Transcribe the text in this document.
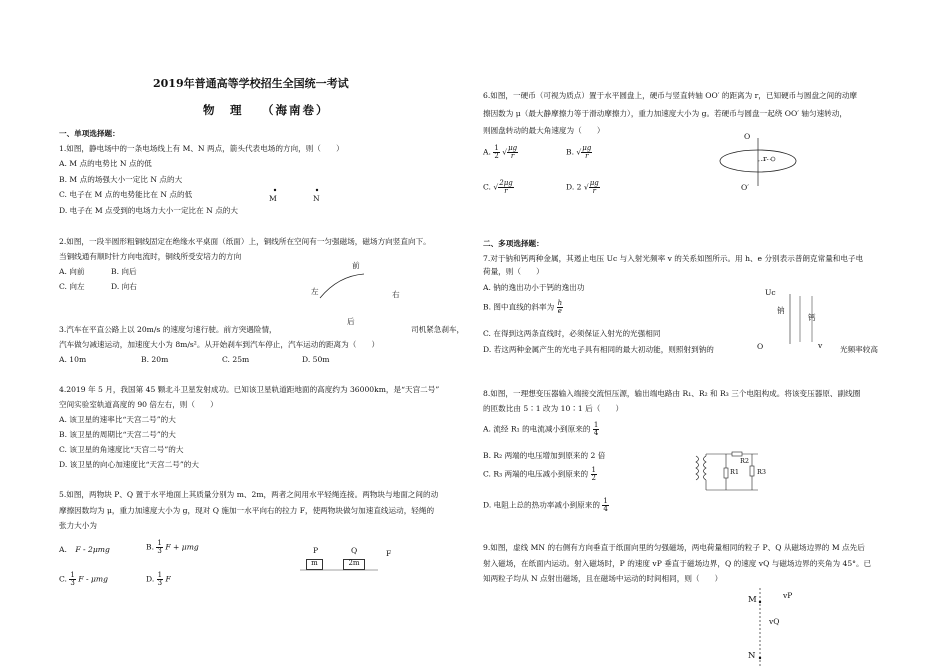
2019年普通高等学校招生全国统一考试
物　理 （海南卷）
一、单项选择题：
1.如图，静电场中的一条电场线上有 M、N 两点，箭头代表电场的方向，则（　　）
A. M 点的电势比 N 点的低
B. M 点的场强大小一定比 N 点的大
C. 电子在 M 点的电势能比在 N 点的低
D. 电子在 M 点受到的电场力大小一定比在 N 点的大
M	N
2.如图，一段半圆形粗铜线固定在绝缘水平桌面（纸面）上，铜线所在空间有一匀强磁场，磁场方向竖直向下。
当铜线通有顺时针方向电流时，铜线所受安培力的方向
A. 向前	B. 向后
C. 向左	D. 向右
前
左	右
后
3.汽车在平直公路上以 20m/s 的速度匀速行驶。前方突遇险情，	司机紧急刹车，
汽车做匀减速运动，加速度大小为 8m/s²。从开始刹车到汽车停止，汽车运动的距离为（　　）
A. 10m	B. 20m	C. 25m	D. 50m
4.2019 年 5 月，我国第 45 颗北斗卫星发射成功。已知该卫星轨道距地面的高度约为 36000km，是“天宫二号”
空间实验室轨道高度的 90 倍左右，则（　　）
A. 该卫星的速率比“天宫二号”的大
B. 该卫星的周期比“天宫二号”的大
C. 该卫星的角速度比“天宫二号”的大
D. 该卫星的向心加速度比“天宫二号”的大
5.如图，两物块 P、Q 置于水平地面上其质量分别为 m、2m，两者之间用水平轻绳连接。两物块与地面之间的动
摩擦因数均为 μ，重力加速度大小为 g，现对 Q 施加一水平向右的拉力 F，使两物块做匀加速直线运动，轻绳的
张力大小为
A. F - 2μmg	B. $\frac{1}{3}$ F + μmg
C. $\frac{1}{3}$ F - μmg	D. $\frac{1}{3}$ F
P	Q	F
m	2m
6.如图，一硬币（可视为质点）置于水平圆盘上，硬币与竖直转轴 OO′ 的距离为 r，已知硬币与圆盘之间的动摩
擦因数为 μ（最大静摩擦力等于滑动摩擦力），重力加速度大小为 g。若硬币与圆盘一起绕 OO′ 轴匀速转动，
则圆盘转动的最大角速度为（　　）
A. $\frac{1}{2}$ √ $\frac{\mu g}{r}$	B. √ $\frac{\mu g}{r}$
C. √ $\frac{2\mu g}{r}$	D. 2 √ $\frac{\mu g}{r}$
O
r
O′
二、多项选择题：
7.对于钠和钙两种金属，其遏止电压 Uc 与入射光频率 v 的关系如图所示。用 h、e 分别表示普朗克常量和电子电
荷量，则（　　）
A. 钠的逸出功小于钙的逸出功
B. 图中直线的斜率为 $\frac{h}{e}$
C. 在得到这两条直线时，必须保证入射光的光强相同
D. 若这两种金属产生的光电子具有相同的最大初动能，则照射到钠的	光频率较高
Uc
钠
钙
O	v
8.如图，一理想变压器输入端接交流恒压源，输出端电路由 R₁、R₂ 和 R₃ 三个电阻构成。将该变压器原、副线圈
的匝数比由 5∶1 改为 10∶1 后（　　）
A. 流经 R₁ 的电流减小到原来的 $\frac{1}{4}$
B. R₂ 两端的电压增加到原来的 2 倍
C. R₃ 两端的电压减小到原来的 $\frac{1}{2}$
D. 电阻上总的热功率减小到原来的 $\frac{1}{4}$
R2
R1	R3
9.如图，虚线 MN 的右侧有方向垂直于纸面向里的匀强磁场，两电荷量相同的粒子 P、Q 从磁场边界的 M 点先后
射入磁场，在纸面内运动。射入磁场时，P 的速度 vP 垂直于磁场边界，Q 的速度 vQ 与磁场边界的夹角为 45°。已
知两粒子均从 N 点射出磁场，且在磁场中运动的时间相同，则（　　）
M	vP
vQ
N
